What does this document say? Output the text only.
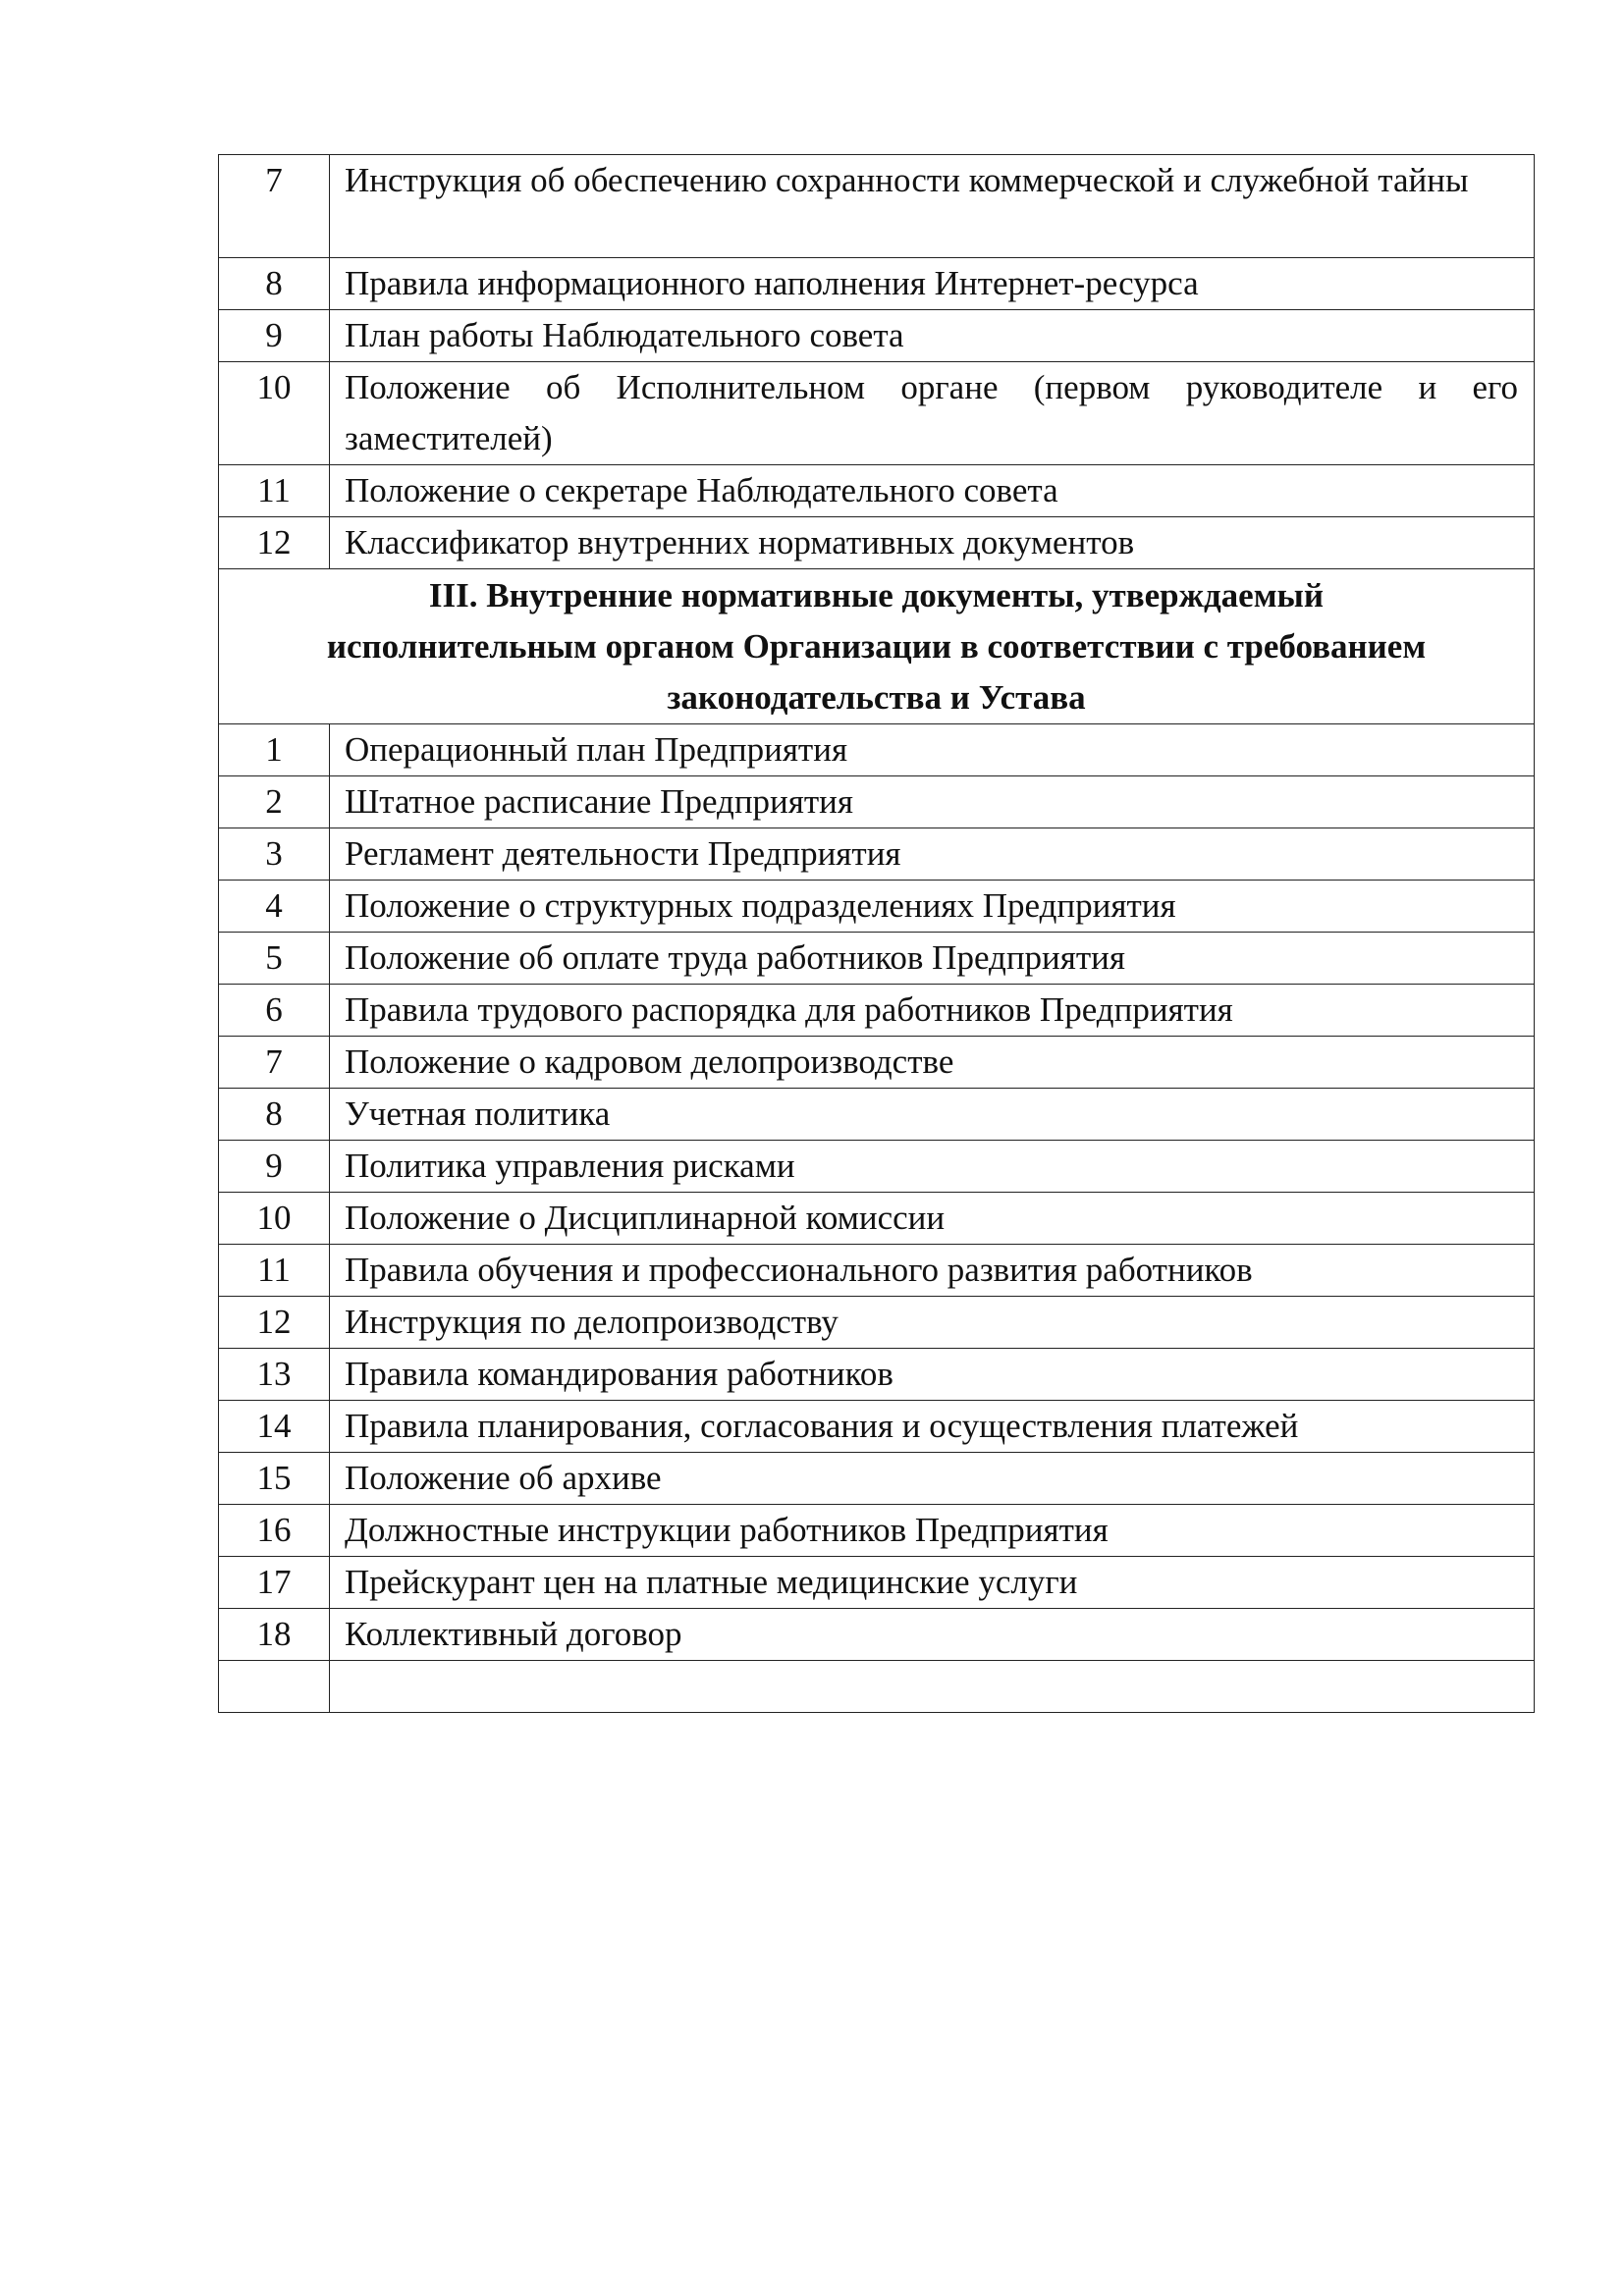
7	Инструкция об обеспечению сохранности коммерческой и служебной тайны
8	Правила информационного наполнения Интернет-ресурса
9	План работы Наблюдательного совета
10	Положение об Исполнительном органе (первом руководителе и его заместителей)
11	Положение о секретаре Наблюдательного совета
12	Классификатор внутренних нормативных документов

III. Внутренние нормативные документы, утверждаемый
исполнительным органом Организации в соответствии с требованием
законодательства и Устава	

1	Операционный план Предприятия
2	Штатное расписание Предприятия
3	Регламент деятельности Предприятия
4	Положение о структурных подразделениях Предприятия
5	Положение об оплате труда работников Предприятия
6	Правила трудового распорядка для работников Предприятия
7	Положение о кадровом делопроизводстве
8	Учетная политика
9	Политика управления рисками
10	Положение о Дисциплинарной комиссии
11	Правила обучения и профессионального развития работников
12	Инструкция по делопроизводству
13	Правила командирования работников
14	Правила планирования, согласования и осуществления платежей
15	Положение об архиве
16	Должностные инструкции работников Предприятия
17	Прейскурант цен на платные медицинские услуги
18	Коллективный договор
